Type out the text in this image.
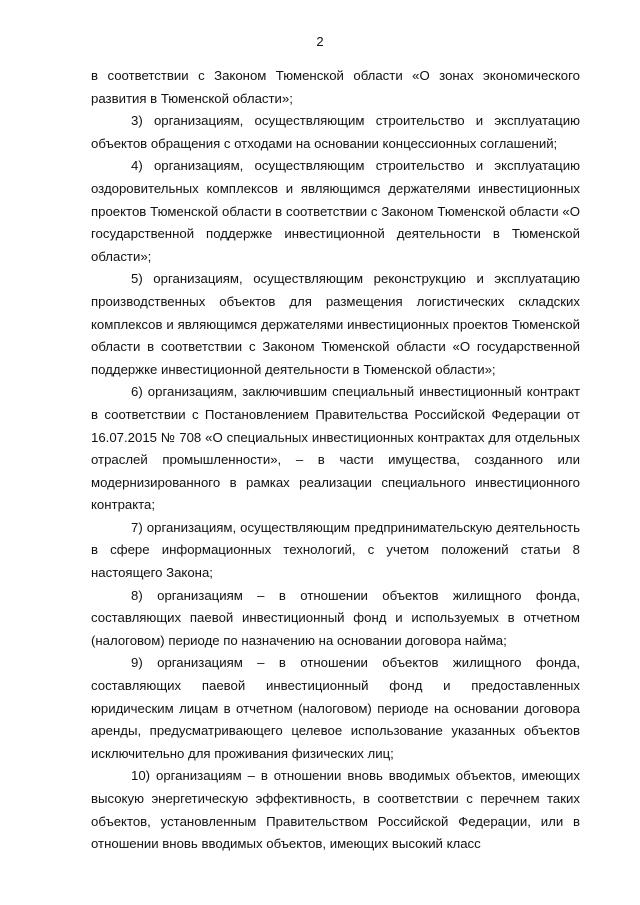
2

в соответствии с Законом Тюменской области «О зонах экономического развития в Тюменской области»;

3) организациям, осуществляющим строительство и эксплуатацию объектов обращения с отходами на основании концессионных соглашений;

4) организациям, осуществляющим строительство и эксплуатацию оздоровительных комплексов и являющимся держателями инвестиционных проектов Тюменской области в соответствии с Законом Тюменской области «О государственной поддержке инвестиционной деятельности в Тюменской области»;

5) организациям, осуществляющим реконструкцию и эксплуатацию производственных объектов для размещения логистических складских комплексов и являющимся держателями инвестиционных проектов Тюменской области в соответствии с Законом Тюменской области «О государственной поддержке инвестиционной деятельности в Тюменской области»;

6) организациям, заключившим специальный инвестиционный контракт в соответствии с Постановлением Правительства Российской Федерации от 16.07.2015 № 708 «О специальных инвестиционных контрактах для отдельных отраслей промышленности», – в части имущества, созданного или модернизированного в рамках реализации специального инвестиционного контракта;

7) организациям, осуществляющим предпринимательскую деятельность в сфере информационных технологий, с учетом положений статьи 8 настоящего Закона;

8) организациям – в отношении объектов жилищного фонда, составляющих паевой инвестиционный фонд и используемых в отчетном (налоговом) периоде по назначению на основании договора найма;

9) организациям – в отношении объектов жилищного фонда, составляющих паевой инвестиционный фонд и предоставленных юридическим лицам в отчетном (налоговом) периоде на основании договора аренды, предусматривающего целевое использование указанных объектов исключительно для проживания физических лиц;

10) организациям – в отношении вновь вводимых объектов, имеющих высокую энергетическую эффективность, в соответствии с перечнем таких объектов, установленным Правительством Российской Федерации, или в отношении вновь вводимых объектов, имеющих высокий класс
